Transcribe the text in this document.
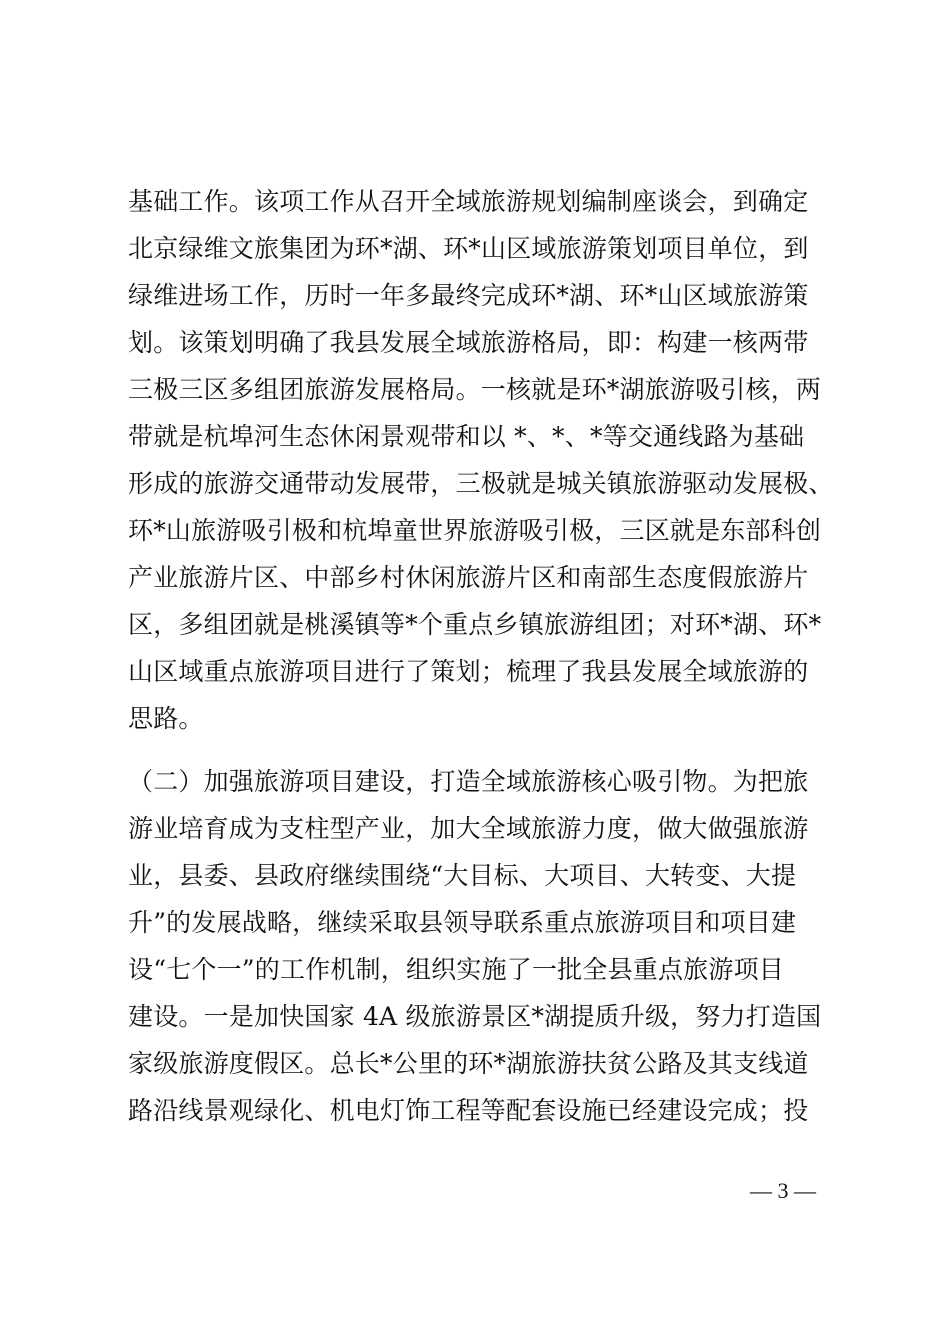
基础工作。该项工作从召开全域旅游规划编制座谈会，到确定
北京绿维文旅集团为环*湖、环*山区域旅游策划项目单位，到
绿维进场工作，历时一年多最终完成环*湖、环*山区域旅游策
划。该策划明确了我县发展全域旅游格局，即：构建一核两带
三极三区多组团旅游发展格局。一核就是环*湖旅游吸引核，两
带就是杭埠河生态休闲景观带和以 *、*、*等交通线路为基础
形成的旅游交通带动发展带，三极就是城关镇旅游驱动发展极、
环*山旅游吸引极和杭埠童世界旅游吸引极，三区就是东部科创
产业旅游片区、中部乡村休闲旅游片区和南部生态度假旅游片
区，多组团就是桃溪镇等*个重点乡镇旅游组团；对环*湖、环*
山区域重点旅游项目进行了策划；梳理了我县发展全域旅游的
思路。
（二）加强旅游项目建设，打造全域旅游核心吸引物。为把旅
游业培育成为支柱型产业，加大全域旅游力度，做大做强旅游
业，县委、县政府继续围绕“大目标、大项目、大转变、大提
升”的发展战略，继续采取县领导联系重点旅游项目和项目建
设“七个一”的工作机制，组织实施了一批全县重点旅游项目
建设。一是加快国家 4A 级旅游景区*湖提质升级，努力打造国
家级旅游度假区。总长*公里的环*湖旅游扶贫公路及其支线道
路沿线景观绿化、机电灯饰工程等配套设施已经建设完成；投
— 3 —
